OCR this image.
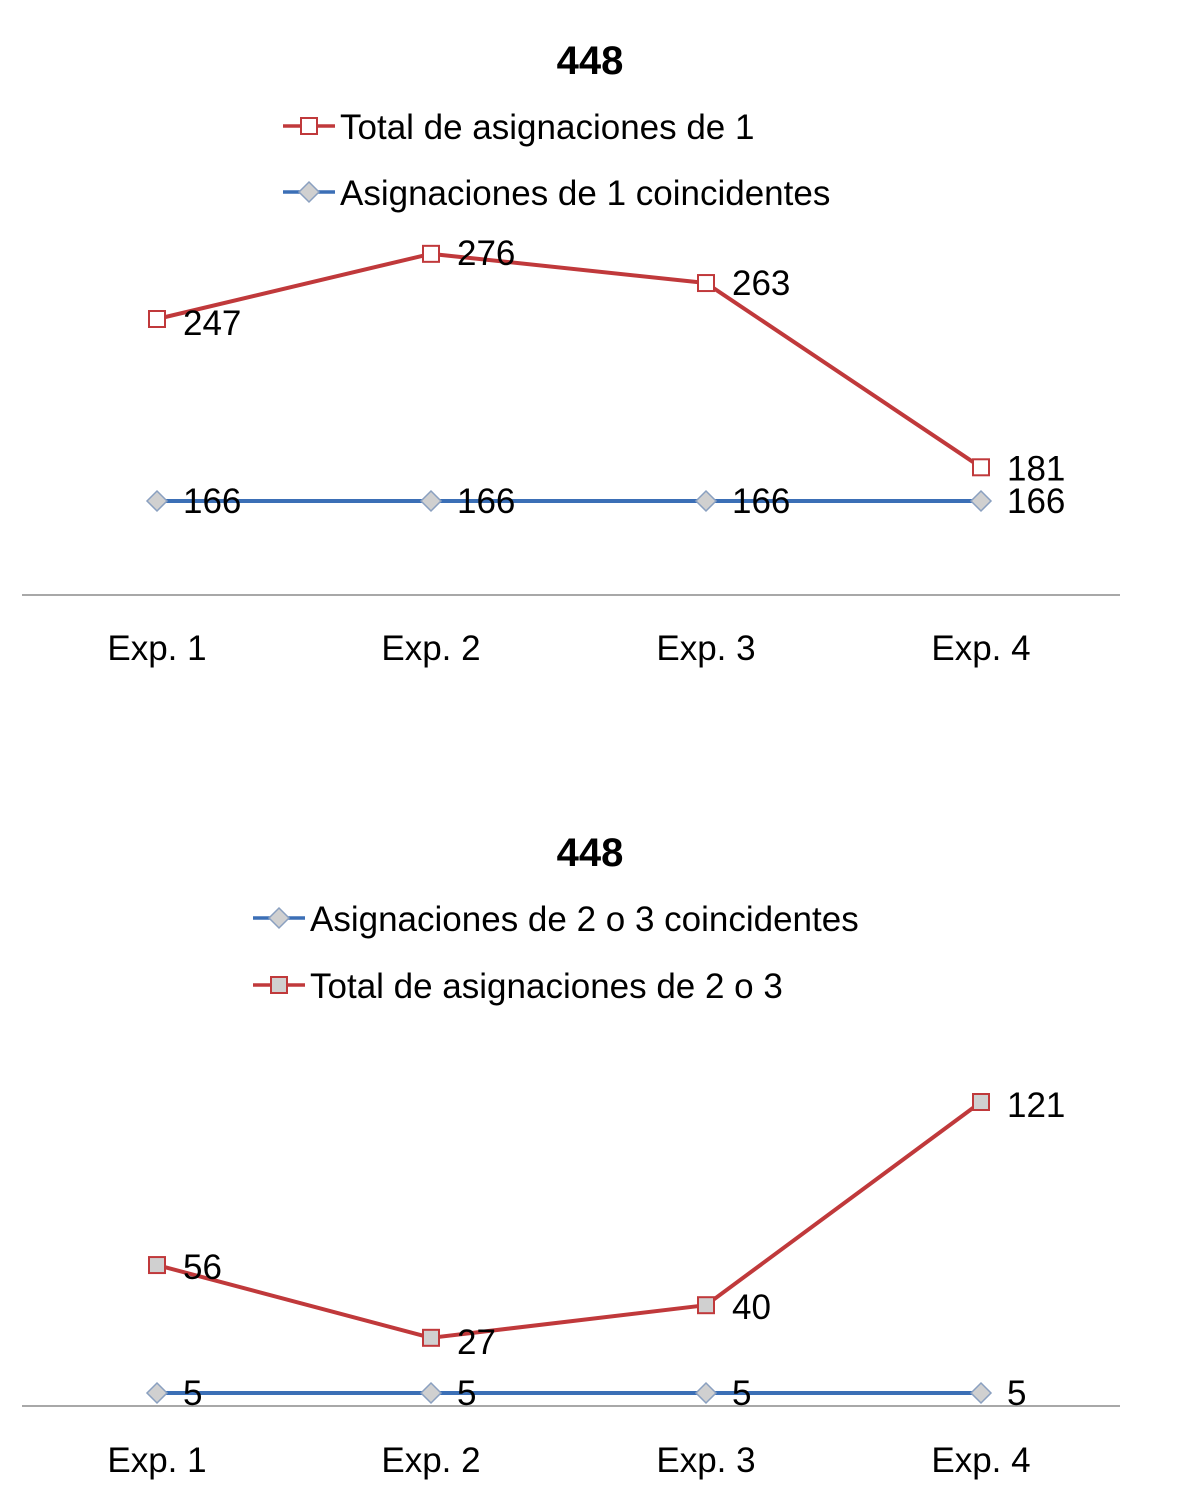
448
Total de asignaciones de 1
Asignaciones de 1 coincidentes
Exp. 1	Exp. 2	Exp. 3	Exp. 4
247
276
263
181
166	166	166	166
448
Asignaciones de 2 o 3 coincidentes
Total de asignaciones de 2 o 3
Exp. 1	Exp. 2	Exp. 3	Exp. 4
5	5	5	5
56
27
40
121
